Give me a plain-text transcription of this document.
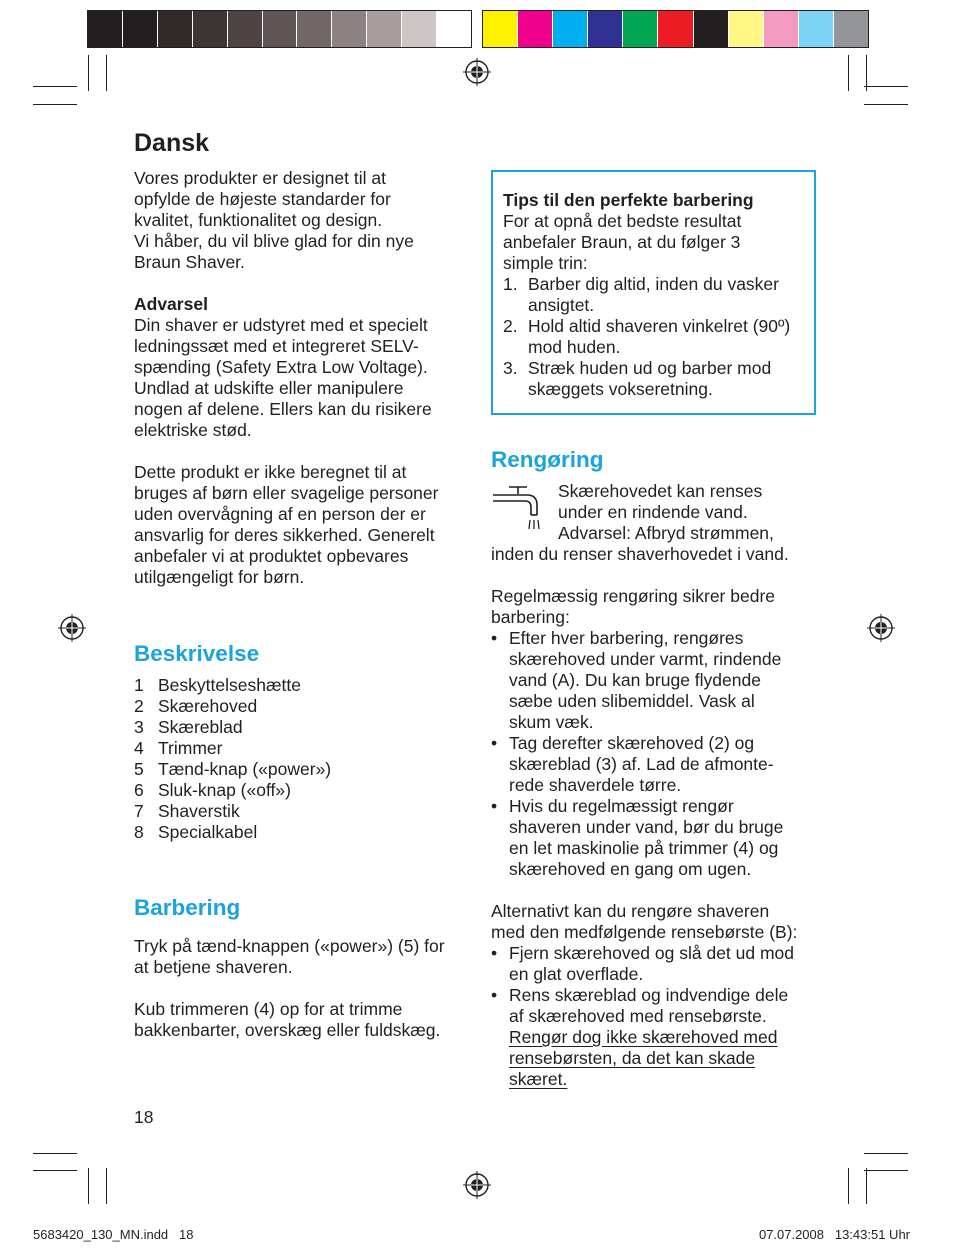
Dansk

Vores produkter er designet til at

opfylde de højeste standarder for

kvalitet, funktionalitet og design.

Vi håber, du vil blive glad for din nye

Braun Shaver.

Advarsel

Din shaver er udstyret med et specielt

ledningssæt med et integreret SELV-

spænding (Safety Extra Low Voltage).

Undlad at udskifte eller manipulere

nogen af delene. Ellers kan du risikere

elektriske stød.

Dette produkt er ikke beregnet til at

bruges af børn eller svagelige personer

uden overvågning af en person der er

ansvarlig for deres sikkerhed. Generelt

anbefaler vi at produktet opbevares

utilgængeligt for børn.

Beskrivelse
1 Beskyttelseshætte
2 Skærehoved
3 Skæreblad
4 Trimmer
5 Tænd-knap («power»)
6 Sluk-knap («off»)
7 Shaverstik
8 Specialkabel
Barbering

Tryk på tænd-knappen («power») (5) for

at betjene shaveren.

Kub trimmeren (4) op for at trimme

bakkenbarter, overskæg eller fuldskæg.

Tips til den perfekte barbering

For at opnå det bedste resultat

anbefaler Braun, at du følger 3

simple trin:

1. Barber dig altid, inden du vasker
ansigtet.
2. Hold altid shaveren vinkelret (90º)
mod huden.
3. Stræk huden ud og barber mod
skæggets vokseretning.
Rengøring

Skærehovedet kan renses

under en rindende vand.

Advarsel: Afbryd strømmen,

inden du renser shaverhovedet i vand.

Regelmæssig rengøring sikrer bedre

barbering:

• Efter hver barbering, rengøres
skærehoved under varmt, rindende
vand (A). Du kan bruge flydende
sæbe uden slibemiddel. Vask al
skum væk.
• Tag derefter skærehoved (2) og
skæreblad (3) af. Lad de afmonte-
rede shaverdele tørre.
• Hvis du regelmæssigt rengør
shaveren under vand, bør du bruge
en let maskinolie på trimmer (4) og
skærehoved en gang om ugen.

Alternativt kan du rengøre shaveren

med den medfølgende rensebørste (B):

• Fjern skærehoved og slå det ud mod
en glat overflade.
• Rens skæreblad og indvendige dele
af skærehoved med rensebørste.
Rengør dog ikke skærehoved med
rensebørsten, da det kan skade
skæret.
18
5683420_130_MN.indd   18	07.07.2008   13:43:51 Uhr
